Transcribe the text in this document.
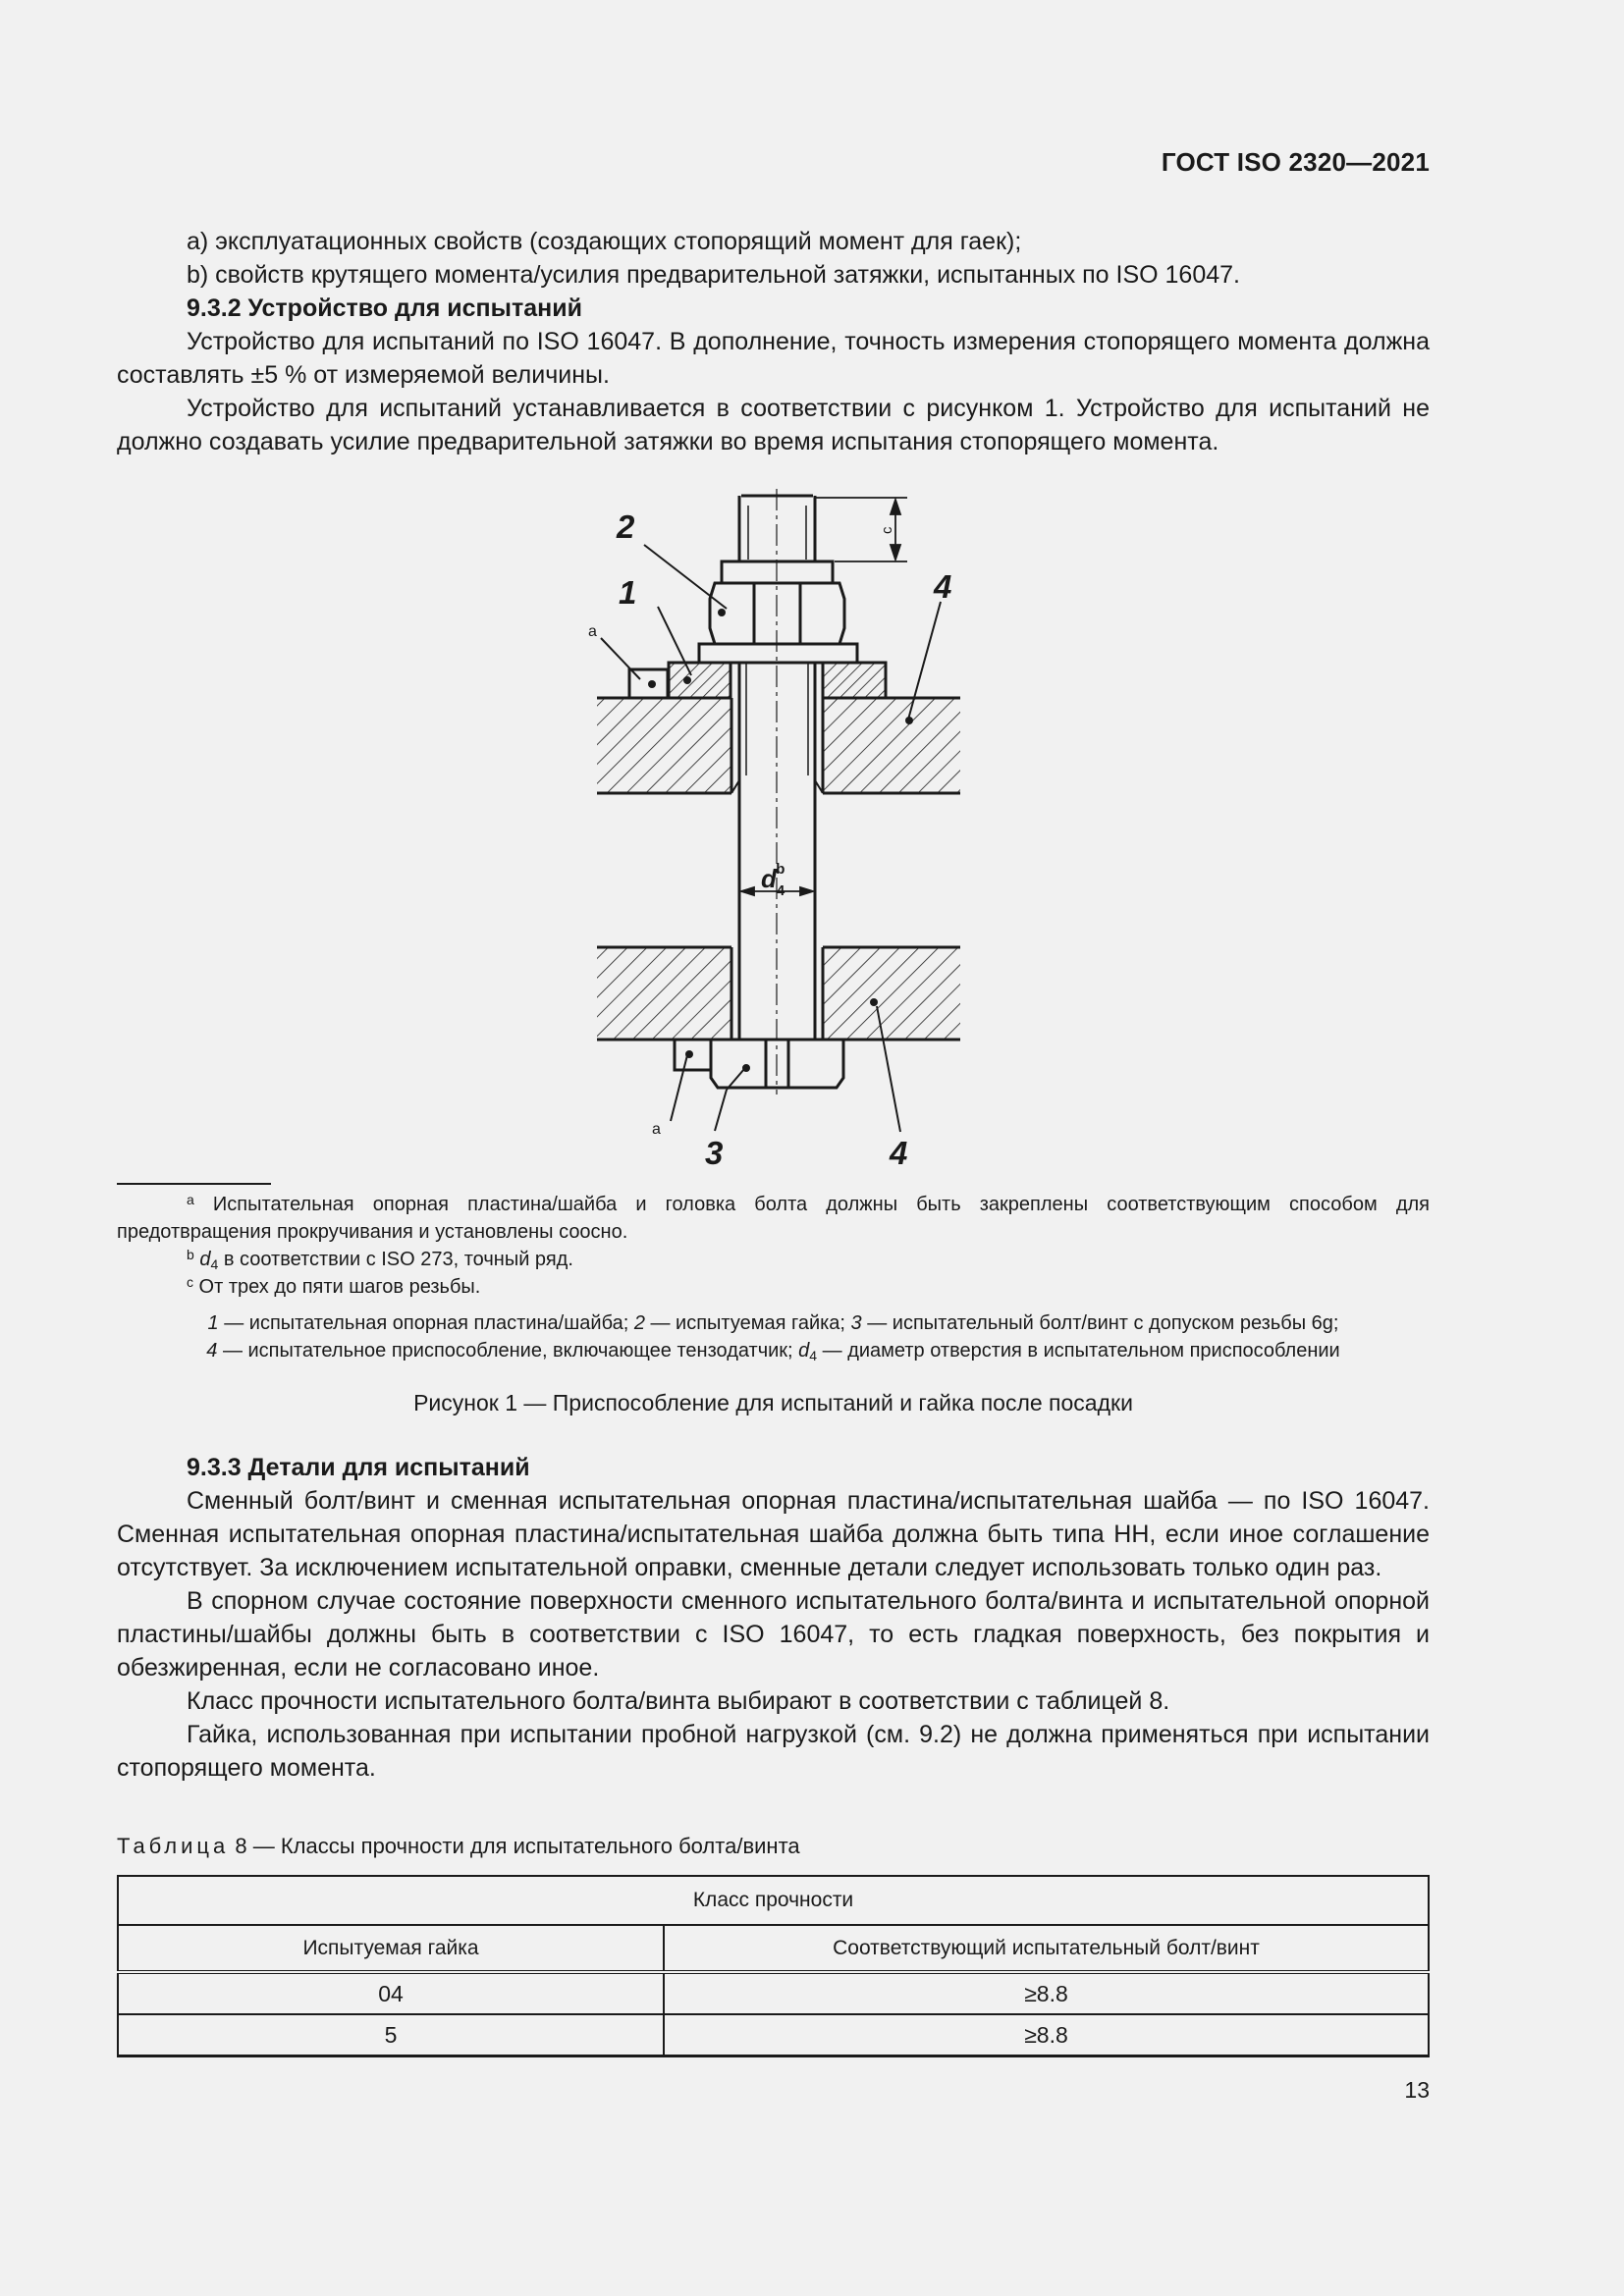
ГОСТ ISO 2320—2021

a) эксплуатационных свойств (создающих стопорящий момент для гаек);

b) свойств крутящего момента/усилия предварительной затяжки, испытанных по ISO 16047.

9.3.2 Устройство для испытаний

Устройство для испытаний по ISO 16047. В дополнение, точность измерения стопорящего момента должна составлять ±5 % от измеряемой величины.

Устройство для испытаний устанавливается в соответствии с рисунком 1. Устройство для испытаний не должно создавать усилие предварительной затяжки во время испытания стопорящего момента.

2
1
a
4
c
$d_4b$
a
3	4

$^a$ Испытательная опорная пластина/шайба и головка болта должны быть закреплены соответствующим способом для предотвращения прокручивания и установлены соосно.

$^b$ $d_4$ в соответствии с ISO 273, точный ряд.

$^c$ От трех до пяти шагов резьбы.

1 — испытательная опорная пластина/шайба; 2 — испытуемая гайка; 3 — испытательный болт/винт с допуском резьбы 6g;

4 — испытательное приспособление, включающее тензодатчик; $d_4$ — диаметр отверстия в испытательном приспособлении

Рисунок 1 — Приспособление для испытаний и гайка после посадки

9.3.3 Детали для испытаний

Сменный болт/винт и сменная испытательная опорная пластина/испытательная шайба — по ISO 16047. Сменная испытательная опорная пластина/испытательная шайба должна быть типа HH, если иное соглашение отсутствует. За исключением испытательной оправки, сменные детали следует использовать только один раз.

В спорном случае состояние поверхности сменного испытательного болта/винта и испытательной опорной пластины/шайбы должны быть в соответствии с ISO 16047, то есть гладкая поверхность, без покрытия и обезжиренная, если не согласовано иное.

Класс прочности испытательного болта/винта выбирают в соответствии с таблицей 8.

Гайка, использованная при испытании пробной нагрузкой (см. 9.2) не должна применяться при испытании стопорящего момента.

Таблица 8 — Классы прочности для испытательного болта/винта
Класс прочности	
Испытуемая гайка	Соответствующий испытательный болт/винт
04	≥8.8
5	≥8.8
13
